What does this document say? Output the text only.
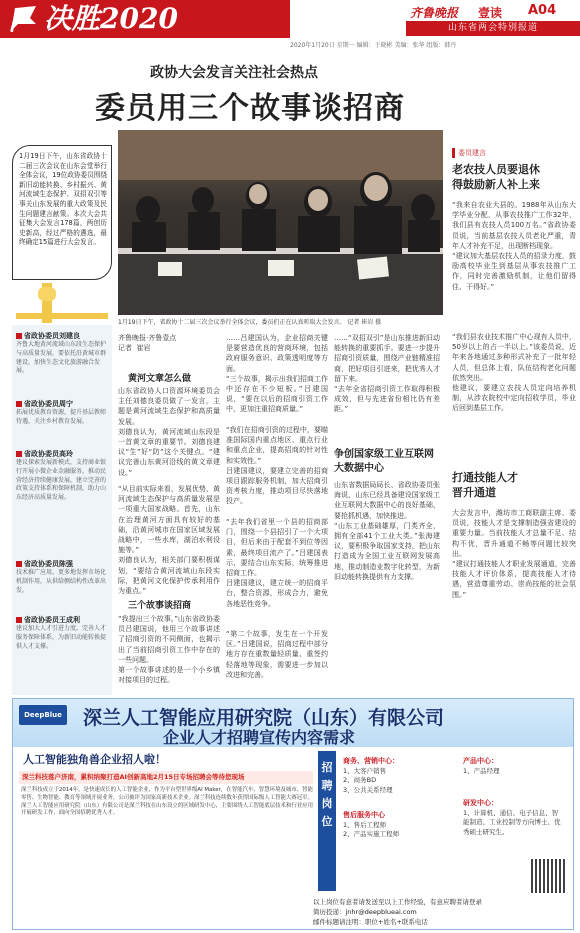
决胜2020	齐鲁晚报 壹读 A04
山东省两会特别报道
2020年1月20日 星期一 编辑：于晓彬 美编：张华 组版：韩丹
政协大会发言关注社会热点
委员用三个故事谈招商
1月19日下午，山东省政协十二届三次会议在山东会堂举行全体会议，19位政协委员围绕新旧动能转换、乡村振兴、黄河流域生态保护、双招双引等事关山东发展的重大政策及民生问题建言献策。本次大会共征集大会发言178篇，两创历史新高，经过严格的遴选，最终确定15篇进行大会发言。
1月19日下午，省政协十二届三次会议举行全体会议，委员们正在认真听取大会发言。 记者 崔岩 摄
省政协委员刘建良
齐鲁大地黄河流域山东段生态保护与高质量发展，要依托沿黄城市群建设，加快生态文化旅游融合发展。
省政协委员周宁
拓展优质教育资源，提升基层教师待遇，关注乡村教育发展。
省政协委员高玲
建议探索发展新模式，支持商业银行开展小微企业金融服务，推动民营经济持续健康发展，建立完善的政策支持体系和保障机制，助力山东经济高质量发展。
省政协委员陈强
技术推广应用，更多地发挥市场化机制作用，从供给侧结构性改革出发。
省政协委员王成利
建议加大人才引进力度，完善人才服务保障体系，为新旧动能转换提供人才支撑。
齐鲁晚报·齐鲁壹点
记者  崔岩
黄河文章怎么做
山东省政协人口资源环境委员会主任刘德良委员做了一发言，主题是黄河流域生态保护和高质量发展。
刘德良认为，黄河流域山东段是一首黄文章的重要节。刘德良建议“生”好“防”这个关键点。“建议完善山东黄河沿线的黄文章建设。”
“从目前实际来看，发展优势，黄河流域生态保护与高质量发展是一项重大国家战略。首先，山东在治理黄河方面具有较好的基础，沿黄河城市在国家区域发展战略中，一些水库，湖泊水利设施等。”
刘德良认为，相关部门要积极谋划，“要结合黄河流域山东段实际，把黄河文化保护传承利用作为重点。”
三个故事谈招商
“我提出三个故事。”山东省政协委员吕建国说，他用三个故事讲述了招商引资的不同侧面，也揭示出了当前招商引资工作中存在的一些问题。
第一个故事讲述的是一个小乡镇对接项目的过程。
……吕建国认为，企业招商关键是要营造优良的营商环境，包括政府服务意识、政策透明度等方面。
“三个故事，揭示出我们招商工作中还存在不少短板。”吕建国说，“要在以后的招商引资工作中，更加注重招商质量。”
“我们在招商引资的过程中，要瞄准国际国内重点地区、重点行业和重点企业，提高招商的针对性和实效性。”
吕建国建议，要建立完善的招商项目跟踪服务机制，加大招商引资考核力度，推动项目尽快落地投产。
“去年我们省里一个县的招商部门，围绕一个县招引了一个大项目，但后来由于配套不到位等因素，最终项目流产了。”吕建国表示，要结合山东实际，统筹推进招商工作。
吕建国建议，建立统一的招商平台，整合资源，形成合力，避免各地恶性竞争。
“第二个故事，发生在一个开发区。”吕建国说，招商过程中部分地方存在重数量轻质量、重签约轻落地等现象，需要进一步加以改进和完善。
……“双招双引”是山东推进新旧动能转换的重要抓手。要进一步提升招商引资质量，围绕产业链精准招商，把好项目引进来，把优秀人才留下来。
“去年全省招商引资工作取得积极成效，但与先进省份相比仍有差距。”
争创国家级工业互联网大数据中心
山东省数据局局长、省政协委员张海说，山东已经具备建设国家级工业互联网大数据中心的良好基础，要抢抓机遇，加快推进。
“山东工业基础雄厚，门类齐全，拥有全部41个工业大类。”张海建议，要积极争取国家支持，把山东打造成为全国工业互联网发展高地，推动制造业数字化转型，为新旧动能转换提供有力支撑。
委员建言
老农技人员要退休
得鼓励新人补上来
“我来自农业大县的。1988年从山东大学毕业分配，从事农技推广工作32年，我们县有农技人员100万名。”省政协委员说，当前基层农技人员老化严重，青年人才补充不足，出现断档现象。
“建议加大基层农技人员的招录力度，鼓励高校毕业生到基层从事农技推广工作，同时完善激励机制，让他们留得住、干得好。”
“我们县农业技术推广中心现有人员中，50岁以上的占一半以上。”该委员说，近年来各地通过多种形式补充了一批年轻人员，但总体上看，队伍结构老化问题依然突出。
他建议，要建立农技人员定向培养机制，从涉农院校中定向招收学员，毕业后回到基层工作。
打通技能人才
晋升通道
大会发言中，潍坊市工商联副主席、委员说，技能人才是支撑制造强省建设的重要力量。当前技能人才总量不足、结构不优，晋升通道不畅等问题比较突出。
“建议打通技能人才职业发展通道，完善技能人才评价体系，提高技能人才待遇，营造尊重劳动、崇尚技能的社会氛围。”
DeepBlue 深兰人工智能应用研究院（山东）有限公司
企业人才招聘宣传内容需求
人工智能独角兽企业招人啦！
深兰科技落户济南，累积纳聚打造AI创新高地2月15日专场招聘会等待您现场
深兰科技成立于2014年，是快速成长的人工智能企业，作为平台型世界级AI Maker，在智能汽车、智慧环境及城市、智能零售、生物智能、教育等领域开展业务，公司被评为国家高新技术企业。深兰科技连续数年获得国际级人工智能大赛冠军。深兰人工智能应用研究院（山东）有限公司是深兰科技在山东设立的区域研发中心，主要围绕人工智能底层技术和行业应用开展研发工作，面向全国招聘优秀人才。
招聘岗位
商务、营销中心：
1、大客户销售
2、商务BD
3、公共关系经理
产品中心：
1、产品经理
售后服务中心
1、售后工程师
2、产品实施工程师
研发中心：
1、计算机、通信、电子信息、智能制造、工业控制等方向博士、优秀硕士研究生。
以上岗位有意者请发送至以上工作经验，有意应聘者请登录
简历投递：jnhr@deepblueai.com
邮件标题请注明：职位+姓名+联系电话
